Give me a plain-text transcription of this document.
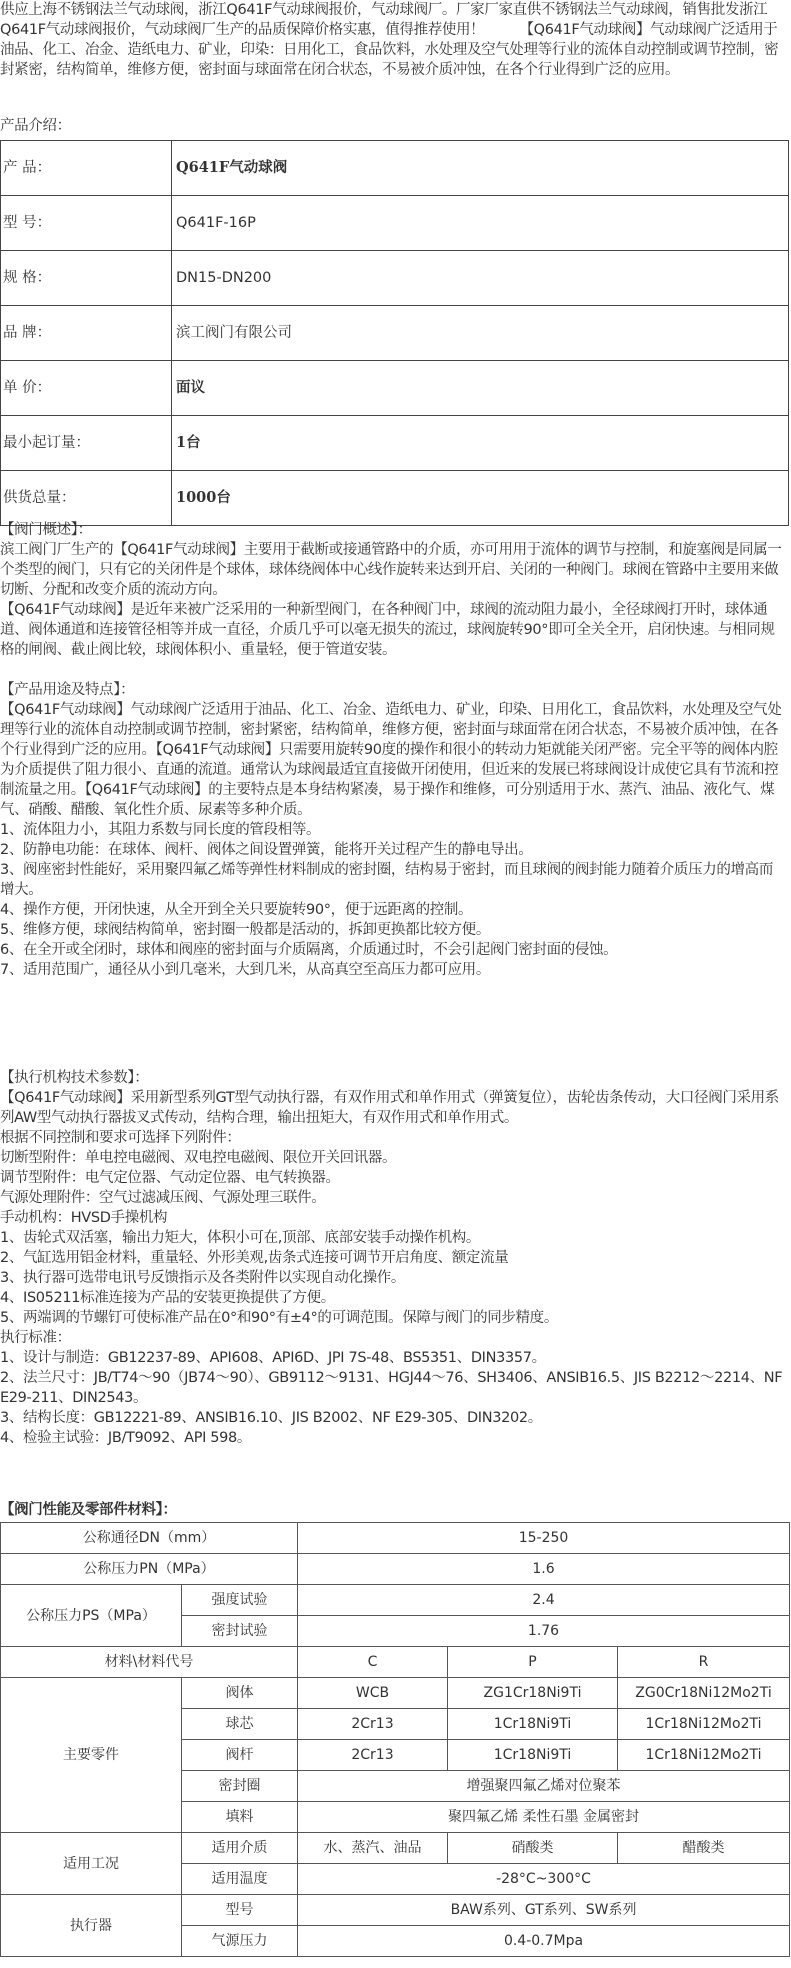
供应上海不锈钢法兰气动球阀，浙江Q641F气动球阀报价，气动球阀厂。厂家厂家直供不锈钢法兰气动球阀，销售批发浙江Q641F气动球阀报价，气动球阀厂生产的品质保障价格实惠，值得推荐使用！　　　【Q641F气动球阀】气动球阀广泛适用于油品、化工、冶金、造纸电力、矿业，印染：日用化工，食品饮料，水处理及空气处理等行业的流体自动控制或调节控制，密封紧密，结构简单，维修方便，密封面与球面常在闭合状态，不易被介质冲蚀，在各个行业得到广泛的应用。

产品介绍：

产 品：	Q641F气动球阀
型 号：	Q641F-16P
规 格：	DN15-DN200
品 牌：	滨工阀门有限公司
单 价：	面议
最小起订量：	1台
供货总量：	1000台

【阀门概述】：

滨工阀门厂生产的【Q641F气动球阀】主要用于截断或接通管路中的介质，亦可用用于流体的调节与控制，和旋塞阀是同属一个类型的阀门，只有它的关闭件是个球体，球体绕阀体中心线作旋转来达到开启、关闭的一种阀门。球阀在管路中主要用来做切断、分配和改变介质的流动方向。

【Q641F气动球阀】是近年来被广泛采用的一种新型阀门，在各种阀门中，球阀的流动阻力最小，全径球阀打开时，球体通道、阀体通道和连接管径相等并成一直径，介质几乎可以毫无损失的流过，球阀旋转90°即可全关全开，启闭快速。与相同规格的闸阀、截止阀比较，球阀体积小、重量轻，便于管道安装。

【产品用途及特点】：

【Q641F气动球阀】气动球阀广泛适用于油品、化工、冶金、造纸电力、矿业，印染、日用化工，食品饮料，水处理及空气处理等行业的流体自动控制或调节控制，密封紧密，结构简单，维修方便，密封面与球面常在闭合状态，不易被介质冲蚀，在各个行业得到广泛的应用。【Q641F气动球阀】只需要用旋转90度的操作和很小的转动力矩就能关闭严密。完全平等的阀体内腔为介质提供了阻力很小、直通的流道。通常认为球阀最适宜直接做开闭使用，但近来的发展已将球阀设计成使它具有节流和控制流量之用。【Q641F气动球阀】的主要特点是本身结构紧凑，易于操作和维修，可分别适用于水、蒸汽、油品、液化气、煤气、硝酸、醋酸、氧化性介质、尿素等多种介质。

1、流体阻力小，其阻力系数与同长度的管段相等。

2、防静电功能：在球体、阀杆、阀体之间设置弹簧，能将开关过程产生的静电导出。

3、阀座密封性能好，采用聚四氟乙烯等弹性材料制成的密封圈，结构易于密封，而且球阀的阀封能力随着介质压力的增高而增大。

4、操作方便，开闭快速，从全开到全关只要旋转90°，便于远距离的控制。

5、维修方便，球阀结构简单，密封圈一般都是活动的，拆卸更换都比较方便。

6、在全开或全闭时，球体和阀座的密封面与介质隔离，介质通过时，不会引起阀门密封面的侵蚀。

7、适用范围广，通径从小到几毫米，大到几米，从高真空至高压力都可应用。

【执行机构技术参数】：

【Q641F气动球阀】采用新型系列GT型气动执行器，有双作用式和单作用式（弹簧复位），齿轮齿条传动，大口径阀门采用系列AW型气动执行器拔叉式传动，结构合理，输出扭矩大，有双作用式和单作用式。

根据不同控制和要求可选择下列附件：

切断型附件：单电控电磁阀、双电控电磁阀、限位开关回讯器。

调节型附件：电气定位器、气动定位器、电气转换器。

气源处理附件：空气过滤减压阀、气源处理三联件。

手动机构：HVSD手操机构

1、齿轮式双活塞，输出力矩大，体积小可在,顶部、底部安装手动操作机构。

2、气缸选用铝金材料，重量轻、外形美观,齿条式连接可调节开启角度、额定流量

3、执行器可选带电讯号反馈指示及各类附件以实现自动化操作。

4、IS05211标准连接为产品的安装更换提供了方便。

5、两端调的节螺钉可使标准产品在0°和90°有±4°的可调范围。保障与阀门的同步精度。

执行标准：

1、设计与制造：GB12237-89、API608、API6D、JPI 7S-48、BS5351、DIN3357。

2、法兰尺寸：JB/T74～90（JB74～90）、GB9112～9131、HGJ44～76、SH3406、ANSIB16.5、JIS B2212～2214、NF E29-211、DIN2543。

3、结构长度：GB12221-89、ANSIB16.10、JIS B2002、NF E29-305、DIN3202。

4、检验主试验：JB/T9092、API 598。

【阀门性能及零部件材料】：

公称通径DN（mm）		15-250		
公称压力PN（MPa）		1.6		
公称压力PS（MPa）	强度试验	2.4		
	密封试验	1.76		
材料\材料代号		C	P	R
主要零件	阀体	WCB	ZG1Cr18Ni9Ti	ZG0Cr18Ni12Mo2Ti
	球芯	2Cr13	1Cr18Ni9Ti	1Cr18Ni12Mo2Ti
	阀杆	2Cr13	1Cr18Ni9Ti	1Cr18Ni12Mo2Ti
	密封圈	增强聚四氟乙烯对位聚苯		
	填料	聚四氟乙烯 柔性石墨 金属密封		
适用工况	适用介质	水、蒸汽、油品	硝酸类	醋酸类
	适用温度	-28°C~300°C		
执行器	型号	BAW系列、GT系列、SW系列		
	气源压力	0.4-0.7Mpa		
